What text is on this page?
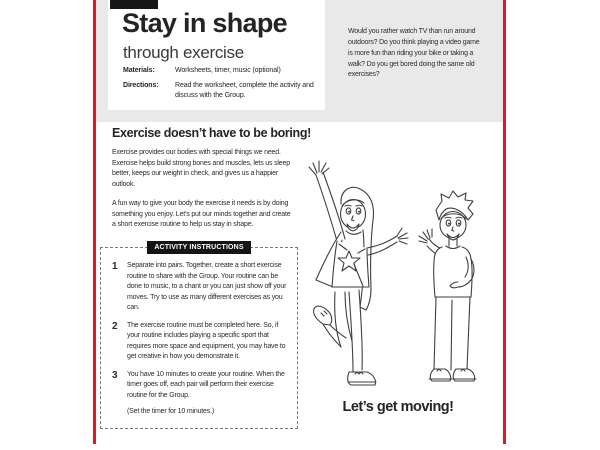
Stay in shape
through exercise
Materials:	Worksheets, timer, music (optional)
Directions:	Read the worksheet, complete the activity and discuss with the Group.
Would you rather watch TV than run around outdoors? Do you think playing a video game is more fun than riding your bike or taking a walk? Do you get bored doing the same old exercises?
Exercise doesn’t have to be boring!

Exercise provides our bodies with special things we need. Exercise helps build strong bones and muscles, lets us sleep better, keeps our weight in check, and gives us a happier outlook.

A fun way to give your body the exercise it needs is by doing something you enjoy. Let’s put our minds together and create a short exercise routine to help us stay in shape.

ACTIVITY INSTRUCTIONS
1	Separate into pairs. Together, create a short exercise routine to share with the Group. Your routine can be done to music, to a chant or you can just show off your moves. Try to use as many different exercises as you can.
2	The exercise routine must be completed here. So, if your routine includes playing a specific sport that requires more space and equipment, you may have to get creative in how you demonstrate it.
3	You have 10 minutes to create your routine. When the timer goes off, each pair will perform their exercise routine for the Group.
(Set the timer for 10 minutes.)	Let’s get moving!
